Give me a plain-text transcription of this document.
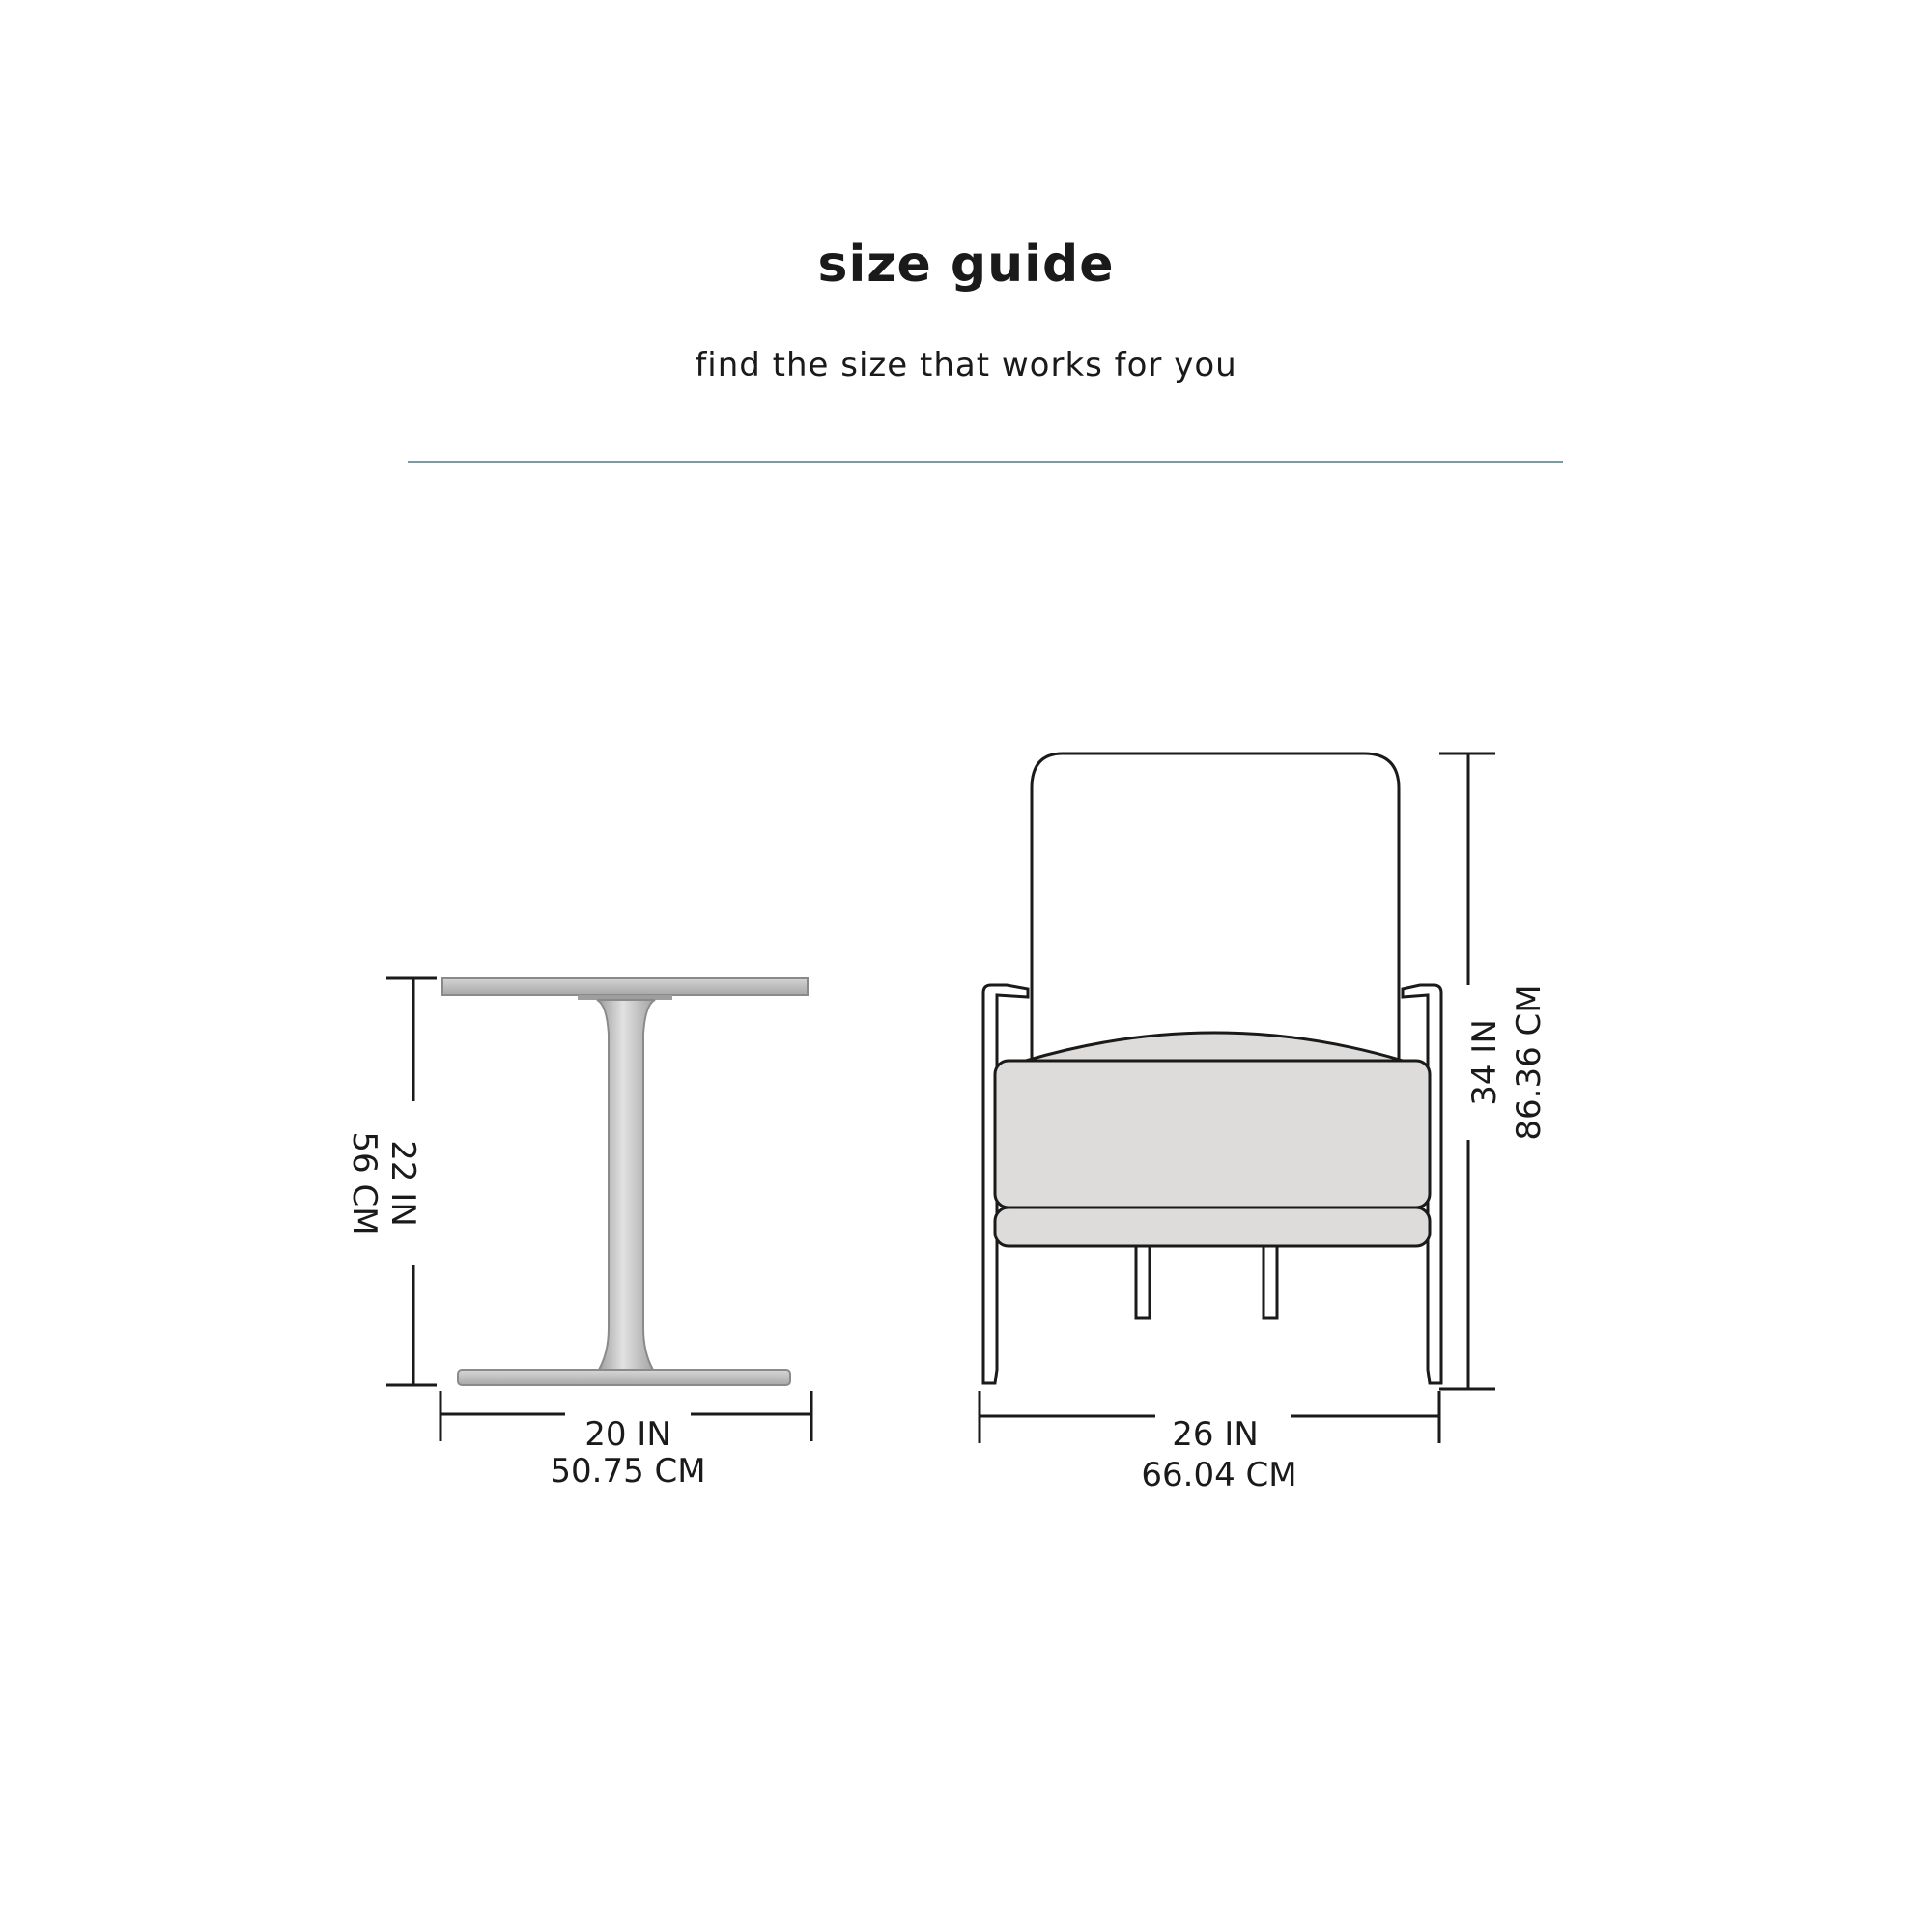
size guide
find the size that works for you
22 IN
56 CM
20 IN
50.75 CM
34 IN 86.36 CM
26 IN
66.04 CM
